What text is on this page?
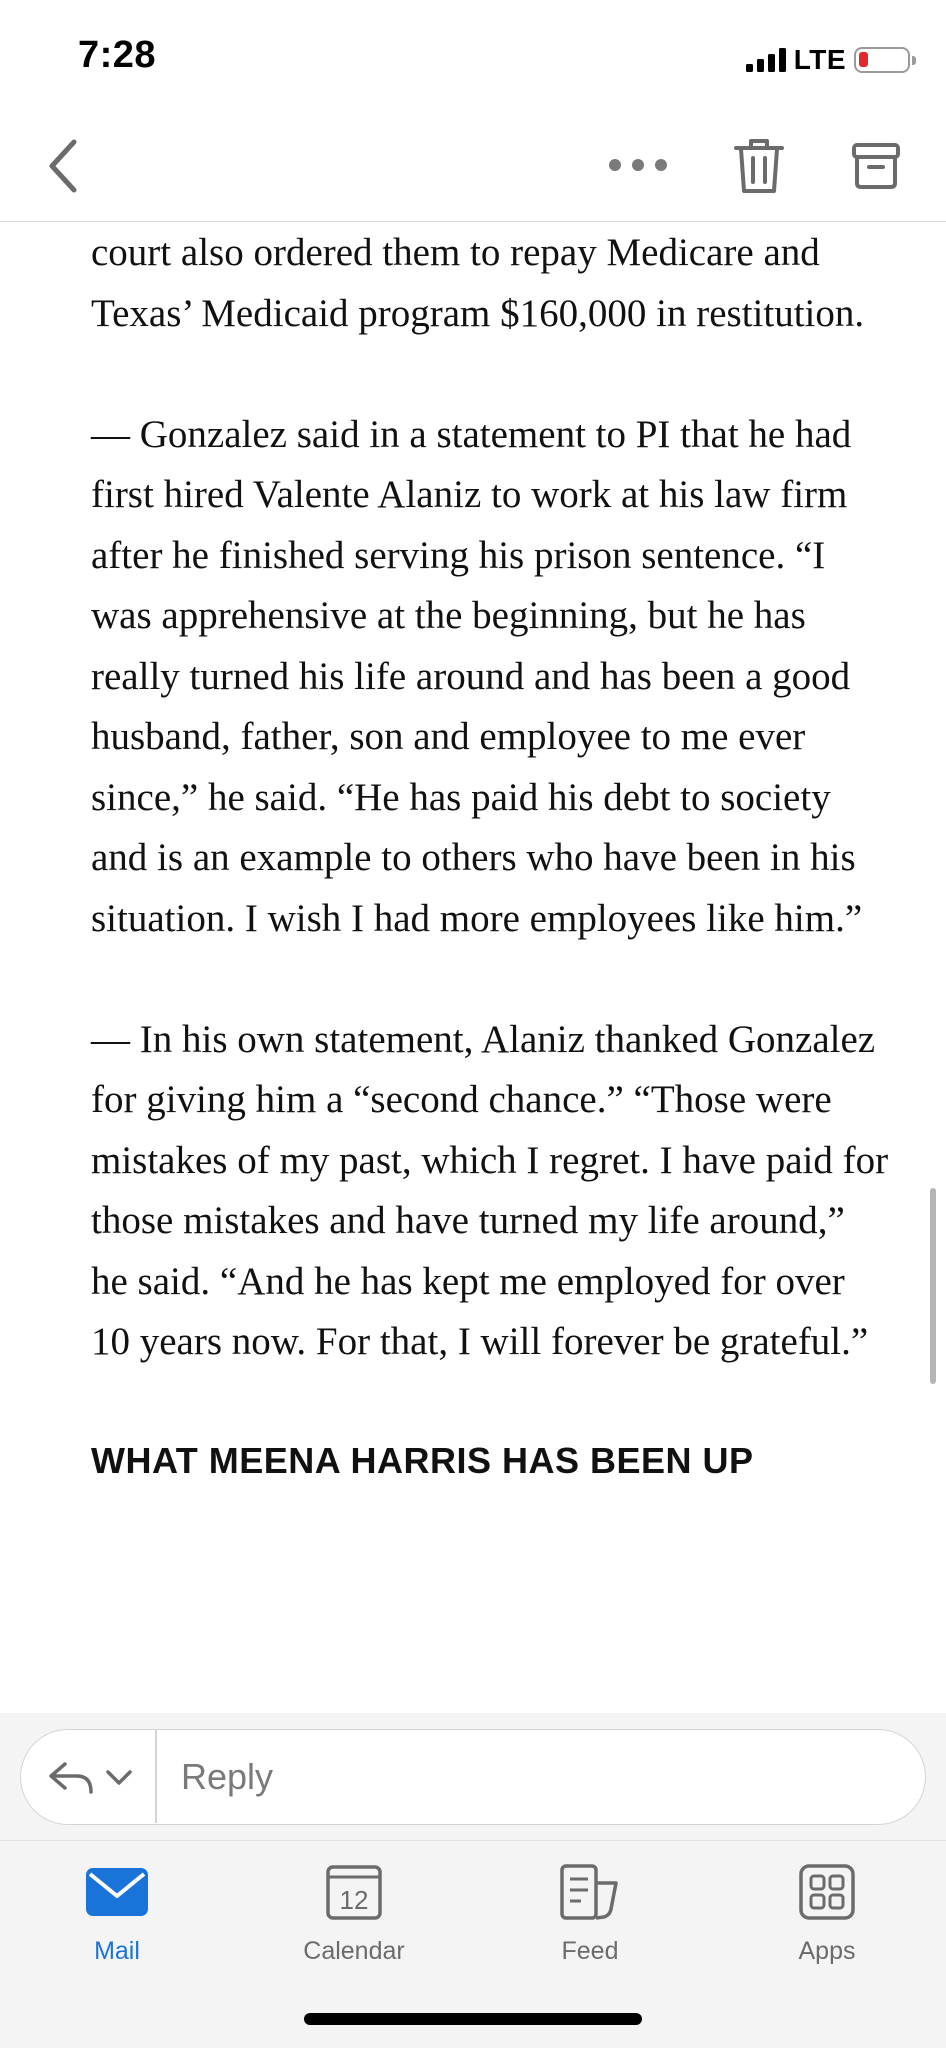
7:28	LTE

court also ordered them to repay Medicare and Texas’ Medicaid program $160,000 in restitution.

— Gonzalez said in a statement to PI that he had first hired Valente Alaniz to work at his law firm after he finished serving his prison sentence. “I was apprehensive at the beginning, but he has really turned his life around and has been a good husband, father, son and employee to me ever since,” he said. “He has paid his debt to society and is an example to others who have been in his situation. I wish I had more employees like him.”

— In his own statement, Alaniz thanked Gonzalez for giving him a “second chance.” “Those were mistakes of my past, which I regret. I have paid for those mistakes and have turned my life around,” he said. “And he has kept me employed for over 10 years now. For that, I will forever be grateful.”

WHAT MEENA HARRIS HAS BEEN UP
Reply
Mail
12
Calendar	Feed	Apps
